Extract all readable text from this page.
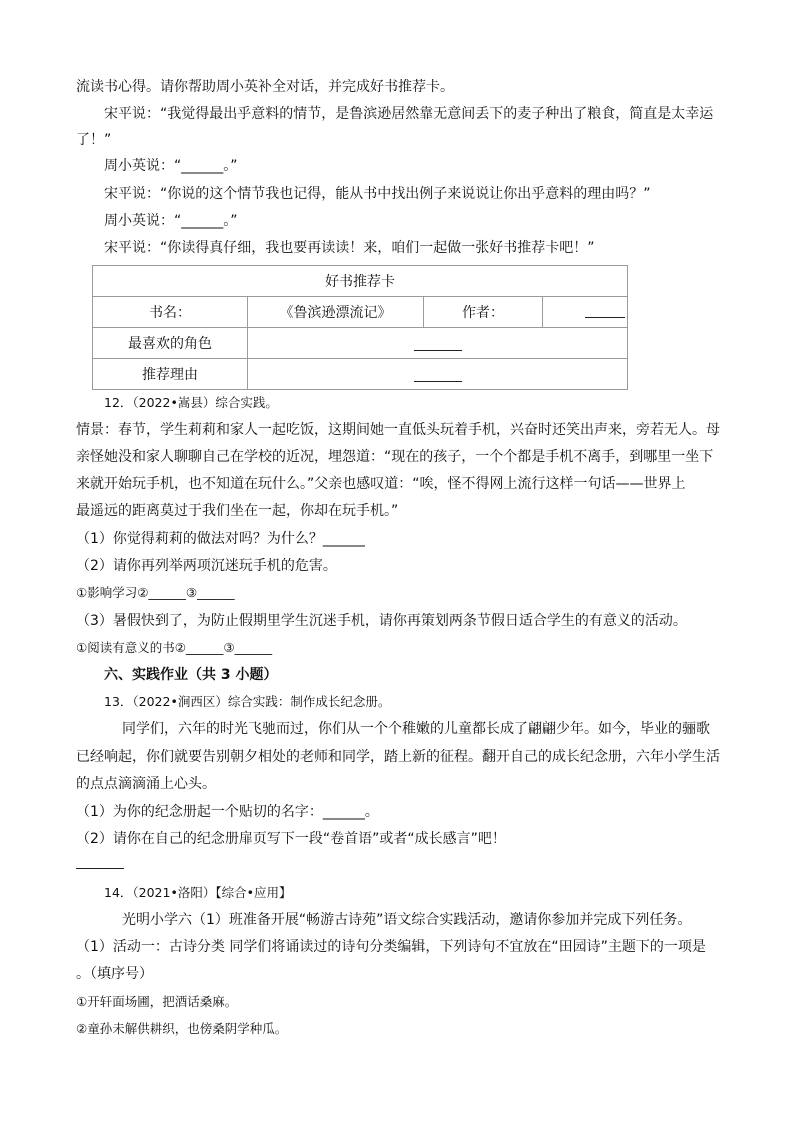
流读书心得。请你帮助周小英补全对话，并完成好书推荐卡。
宋平说：“我觉得最出乎意料的情节，是鲁滨逊居然靠无意间丢下的麦子种出了粮食，简直是太幸运
了！”
周小英说：“______。”
宋平说：“你说的这个情节我也记得，能从书中找出例子来说说让你出乎意料的理由吗？”
周小英说：“______。”
宋平说：“你读得真仔细，我也要再读读！来，咱们一起做一张好书推荐卡吧！”
好书推荐卡			
书名：	《鲁滨逊漂流记》	作者：	
最喜欢的角色			
推荐理由			
12．（2022•嵩县）综合实践。
情景：春节，学生莉莉和家人一起吃饭，这期间她一直低头玩着手机，兴奋时还笑出声来，旁若无人。母
亲怪她没和家人聊聊自己在学校的近况，埋怨道：“现在的孩子，一个个都是手机不离手，到哪里一坐下
来就开始玩手机，也不知道在玩什么。”父亲也感叹道：“唉，怪不得网上流行这样一句话——世界上
最遥远的距离莫过于我们坐在一起，你却在玩手机。”
（1）你觉得莉莉的做法对吗？为什么？______
（2）请你再列举两项沉迷玩手机的危害。
①影响学习②______③______
（3）暑假快到了，为防止假期里学生沉迷手机，请你再策划两条节假日适合学生的有意义的活动。
①阅读有意义的书②______③______
六、实践作业（共 3 小题）
13．（2022•涧西区）综合实践：制作成长纪念册。
同学们，六年的时光飞驰而过，你们从一个个稚嫩的儿童都长成了翩翩少年。如今，毕业的骊歌
已经响起，你们就要告别朝夕相处的老师和同学，踏上新的征程。翻开自己的成长纪念册，六年小学生活
的点点滴滴涌上心头。
（1）为你的纪念册起一个贴切的名字：______。
（2）请你在自己的纪念册扉页写下一段“卷首语”或者“成长感言”吧！
14．（2021•洛阳）【综合•应用】
光明小学六（1）班准备开展“畅游古诗苑”语文综合实践活动，邀请你参加并完成下列任务。
（1）活动一：古诗分类 同学们将诵读过的诗句分类编辑，下列诗句不宜放在“田园诗”主题下的一项是
。（填序号）
①开轩面场圃，把酒话桑麻。
②童孙未解供耕织，也傍桑阴学种瓜。
